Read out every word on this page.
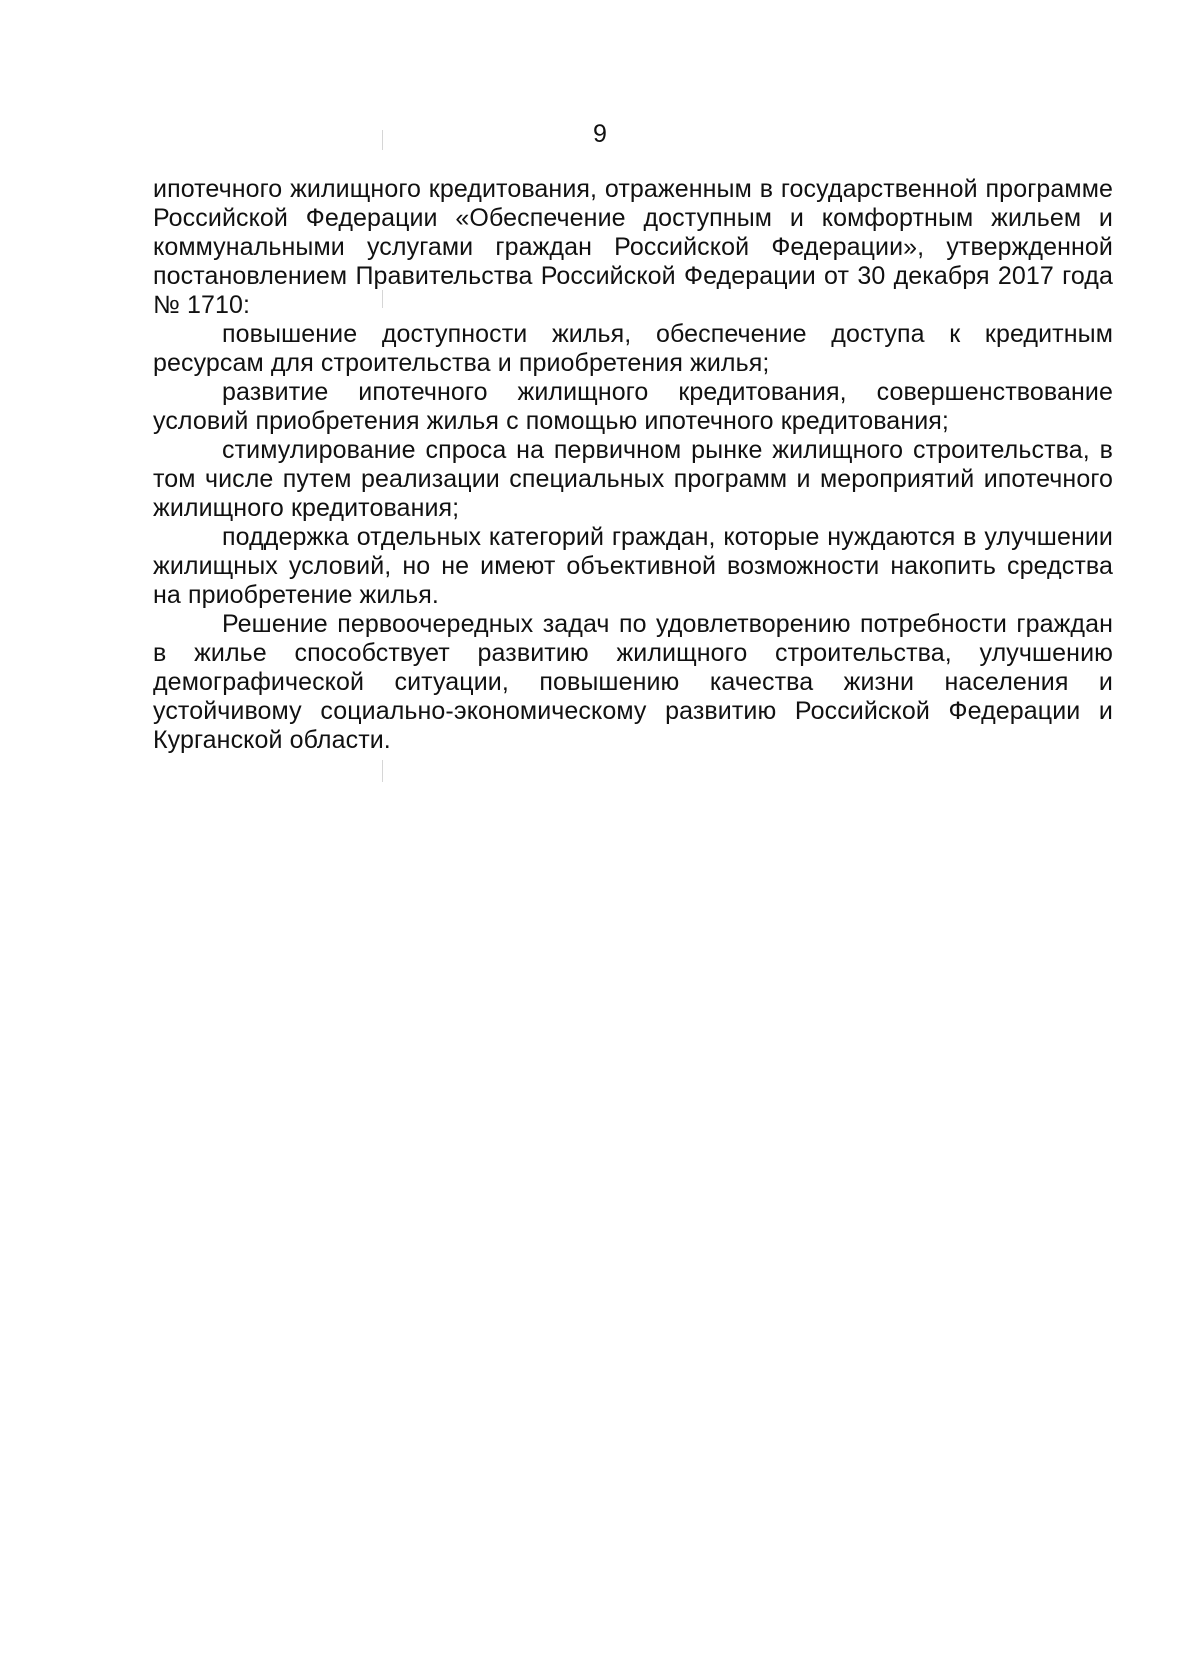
9

ипотечного жилищного кредитования, отраженным в государственной программе Российской Федерации «Обеспечение доступным и комфортным жильем и коммунальными услугами граждан Российской Федерации», утвержденной постановлением Правительства Российской Федерации от 30 декабря 2017 года № 1710:

повышение доступности жилья, обеспечение доступа к кредитным ресурсам для строительства и приобретения жилья;

развитие ипотечного жилищного кредитования, совершенствование условий приобретения жилья с помощью ипотечного кредитования;

стимулирование спроса на первичном рынке жилищного строительства, в том числе путем реализации специальных программ и мероприятий ипотечного жилищного кредитования;

поддержка отдельных категорий граждан, которые нуждаются в улучшении жилищных условий, но не имеют объективной возможности накопить средства на приобретение жилья.

Решение первоочередных задач по удовлетворению потребности граждан в жилье способствует развитию жилищного строительства, улучшению демографической ситуации, повышению качества жизни населения и устойчивому социально-экономическому развитию Российской Федерации и Курганской области.
